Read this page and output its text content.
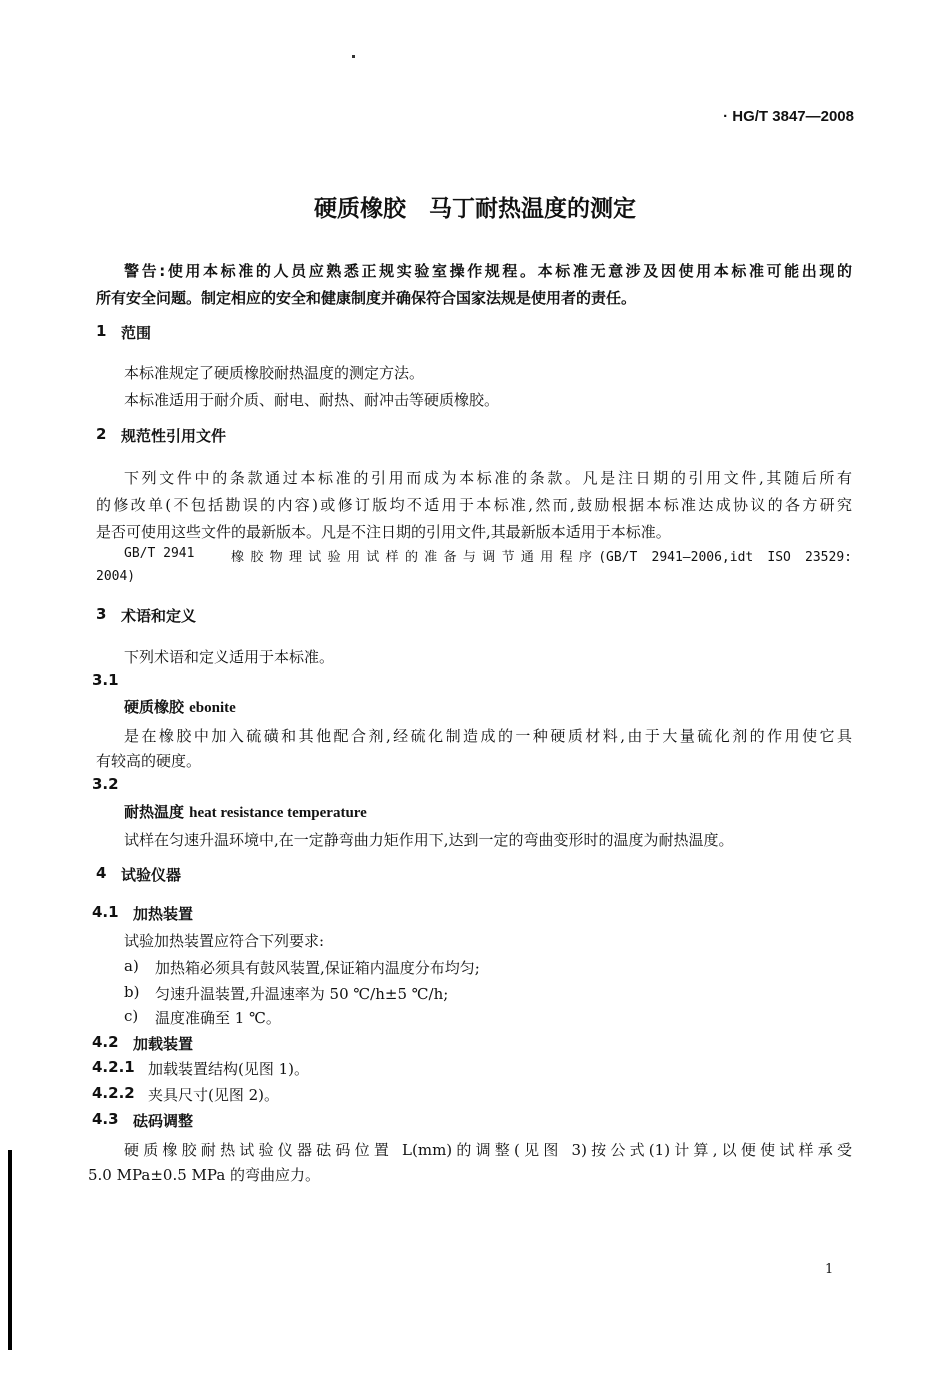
· HG/T 3847—2008
硬质橡胶　马丁耐热温度的测定
警告:使用本标准的人员应熟悉正规实验室操作规程。本标准无意涉及因使用本标准可能出现的
所有安全问题。制定相应的安全和健康制度并确保符合国家法规是使用者的责任。
1 范围
本标准规定了硬质橡胶耐热温度的测定方法。
本标准适用于耐介质、耐电、耐热、耐冲击等硬质橡胶。
2 规范性引用文件
下列文件中的条款通过本标准的引用而成为本标准的条款。凡是注日期的引用文件,其随后所有
的修改单(不包括勘误的内容)或修订版均不适用于本标准,然而,鼓励根据本标准达成协议的各方研究
是否可使用这些文件的最新版本。凡是不注日期的引用文件,其最新版本适用于本标准。
GB/T 2941	橡胶物理试验用试样的准备与调节通用程序(GB/T 2941—2006,idt ISO 23529:
2004)
3 术语和定义
下列术语和定义适用于本标准。
3.1
硬质橡胶 ebonite
是在橡胶中加入硫磺和其他配合剂,经硫化制造成的一种硬质材料,由于大量硫化剂的作用使它具
有较高的硬度。
3.2
耐热温度 heat resistance temperature
试样在匀速升温环境中,在一定静弯曲力矩作用下,达到一定的弯曲变形时的温度为耐热温度。
4 试验仪器
4.1 加热装置
试验加热装置应符合下列要求:
a) 加热箱必须具有鼓风装置,保证箱内温度分布均匀;
b) 匀速升温装置,升温速率为 50 ℃/h±5 ℃/h;
c) 温度准确至 1 ℃。
4.2 加载装置
4.2.1 加载装置结构(见图 1)。
4.2.2 夹具尺寸(见图 2)。
4.3 砝码调整
硬质橡胶耐热试验仪器砝码位置 L(mm)的调整(见图 3)按公式(1)计算,以便使试样承受
5.0 MPa±0.5 MPa 的弯曲应力。
1
